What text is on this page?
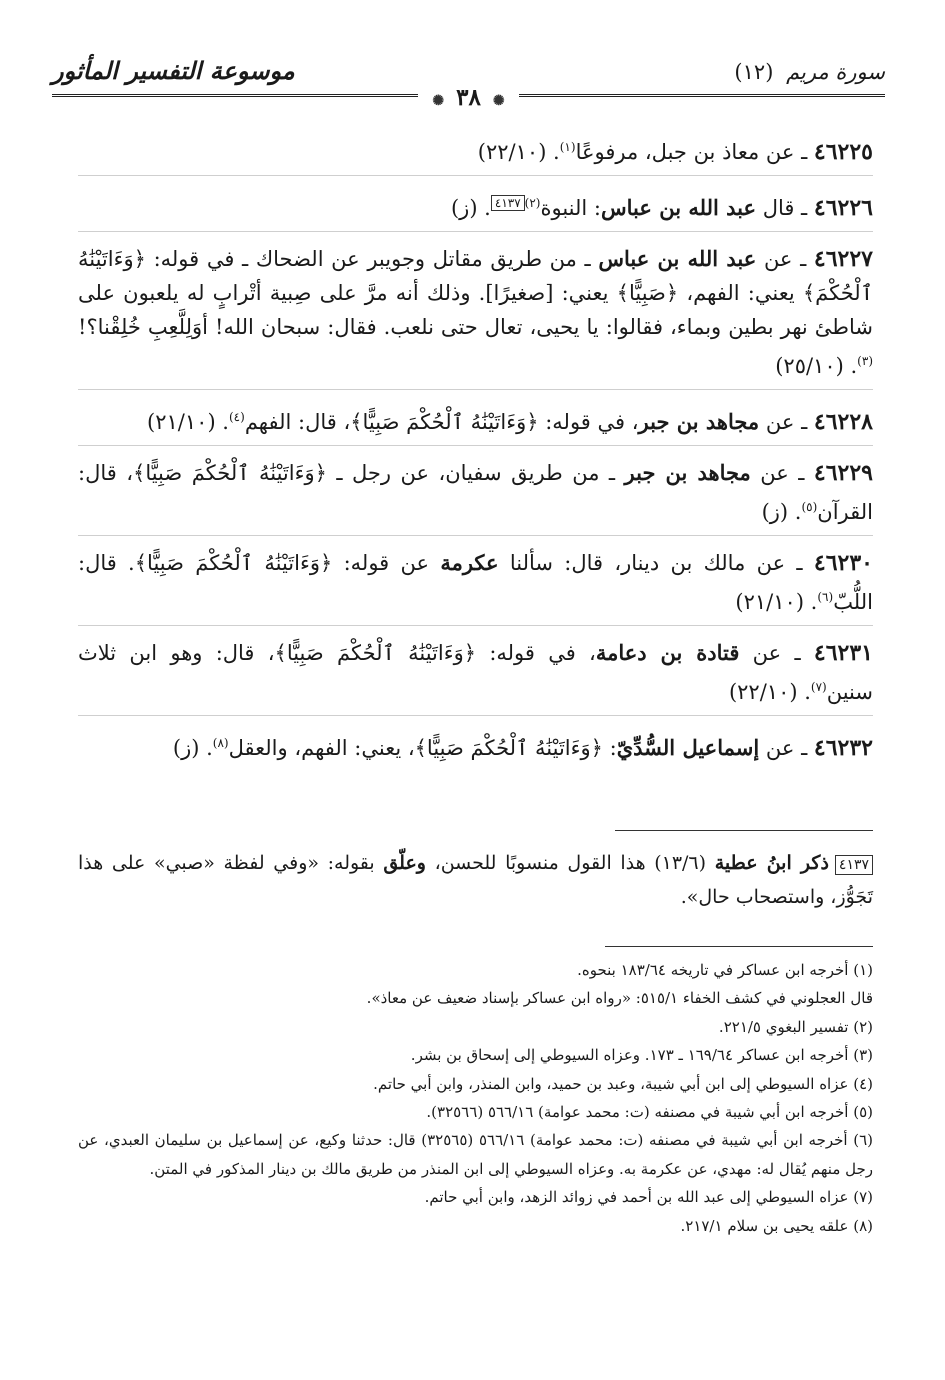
سورة مريم (١٢)
موسوعة التفسير المأثور
✺ ٣٨ ✺
٤٦٢٢٥ ـ عن معاذ بن جبل، مرفوعًا$^{(١)}$. (٢٢/١٠)
٤٦٢٢٦ ـ قال عبد الله بن عباس: النبوة$^{(٢)}$٤١٣٧. (ز)
٤٦٢٢٧ ـ عن عبد الله بن عباس ـ من طريق مقاتل وجويبر عن الضحاك ـ في قوله: ﴿وَءَاتَيْنَٰهُ ٱلْحُكْمَ﴾ يعني: الفهم، ﴿صَبِيًّا﴾ يعني: [صغيرًا]. وذلك أنه مرَّ على صِبية أتْرابٍ له يلعبون على شاطئ نهر بطين وبماء، فقالوا: يا يحيى، تعال حتى نلعب. فقال: سبحان الله! أوَلِلَّعِبِ خُلِقْنا؟!$^{(٣)}$. (٢٥/١٠)
٤٦٢٢٨ ـ عن مجاهد بن جبر، في قوله: ﴿وَءَاتَيْنَٰهُ ٱلْحُكْمَ صَبِيًّا﴾، قال: الفهم$^{(٤)}$. (٢١/١٠)
٤٦٢٢٩ ـ عن مجاهد بن جبر ـ من طريق سفيان، عن رجل ـ ﴿وَءَاتَيْنَٰهُ ٱلْحُكْمَ صَبِيًّا﴾، قال: القرآن$^{(٥)}$. (ز)
٤٦٢٣٠ ـ عن مالك بن دينار، قال: سألنا عكرمة عن قوله: ﴿وَءَاتَيْنَٰهُ ٱلْحُكْمَ صَبِيًّا﴾. قال: اللُّبّ$^{(٦)}$. (٢١/١٠)
٤٦٢٣١ ـ عن قتادة بن دعامة، في قوله: ﴿وَءَاتَيْنَٰهُ ٱلْحُكْمَ صَبِيًّا﴾، قال: وهو ابن ثلاث سنين$^{(٧)}$. (٢٢/١٠)
٤٦٢٣٢ ـ عن إسماعيل السُّدِّيّ: ﴿وَءَاتَيْنَٰهُ ٱلْحُكْمَ صَبِيًّا﴾، يعني: الفهم، والعقل$^{(٨)}$. (ز)
٤١٣٧ذكر ابنُ عطية (١٣/٦) هذا القول منسوبًا للحسن، وعلّق بقوله: «وفي لفظة «صبي» على هذا تَجَوُّز، واستصحاب حال».

(١) أخرجه ابن عساكر في تاريخه ١٨٣/٦٤ بنحوه.

قال العجلوني في كشف الخفاء ٥١٥/١: «رواه ابن عساكر بإسناد ضعيف عن معاذ».

(٢) تفسير البغوي ٢٢١/٥.

(٣) أخرجه ابن عساكر ١٦٩/٦٤ ـ ١٧٣. وعزاه السيوطي إلى إسحاق بن بشر.

(٤) عزاه السيوطي إلى ابن أبي شيبة، وعبد بن حميد، وابن المنذر، وابن أبي حاتم.

(٥) أخرجه ابن أبي شيبة في مصنفه (ت: محمد عوامة) ٥٦٦/١٦ (٣٢٥٦٦).

(٦) أخرجه ابن أبي شيبة في مصنفه (ت: محمد عوامة) ٥٦٦/١٦ (٣٢٥٦٥) قال: حدثنا وكيع، عن إسماعيل بن سليمان العبدي، عن رجل منهم يُقال له: مهدي، عن عكرمة به. وعزاه السيوطي إلى ابن المنذر من طريق مالك بن دينار المذكور في المتن.

(٧) عزاه السيوطي إلى عبد الله بن أحمد في زوائد الزهد، وابن أبي حاتم.

(٨) علقه يحيى بن سلام ٢١٧/١.
